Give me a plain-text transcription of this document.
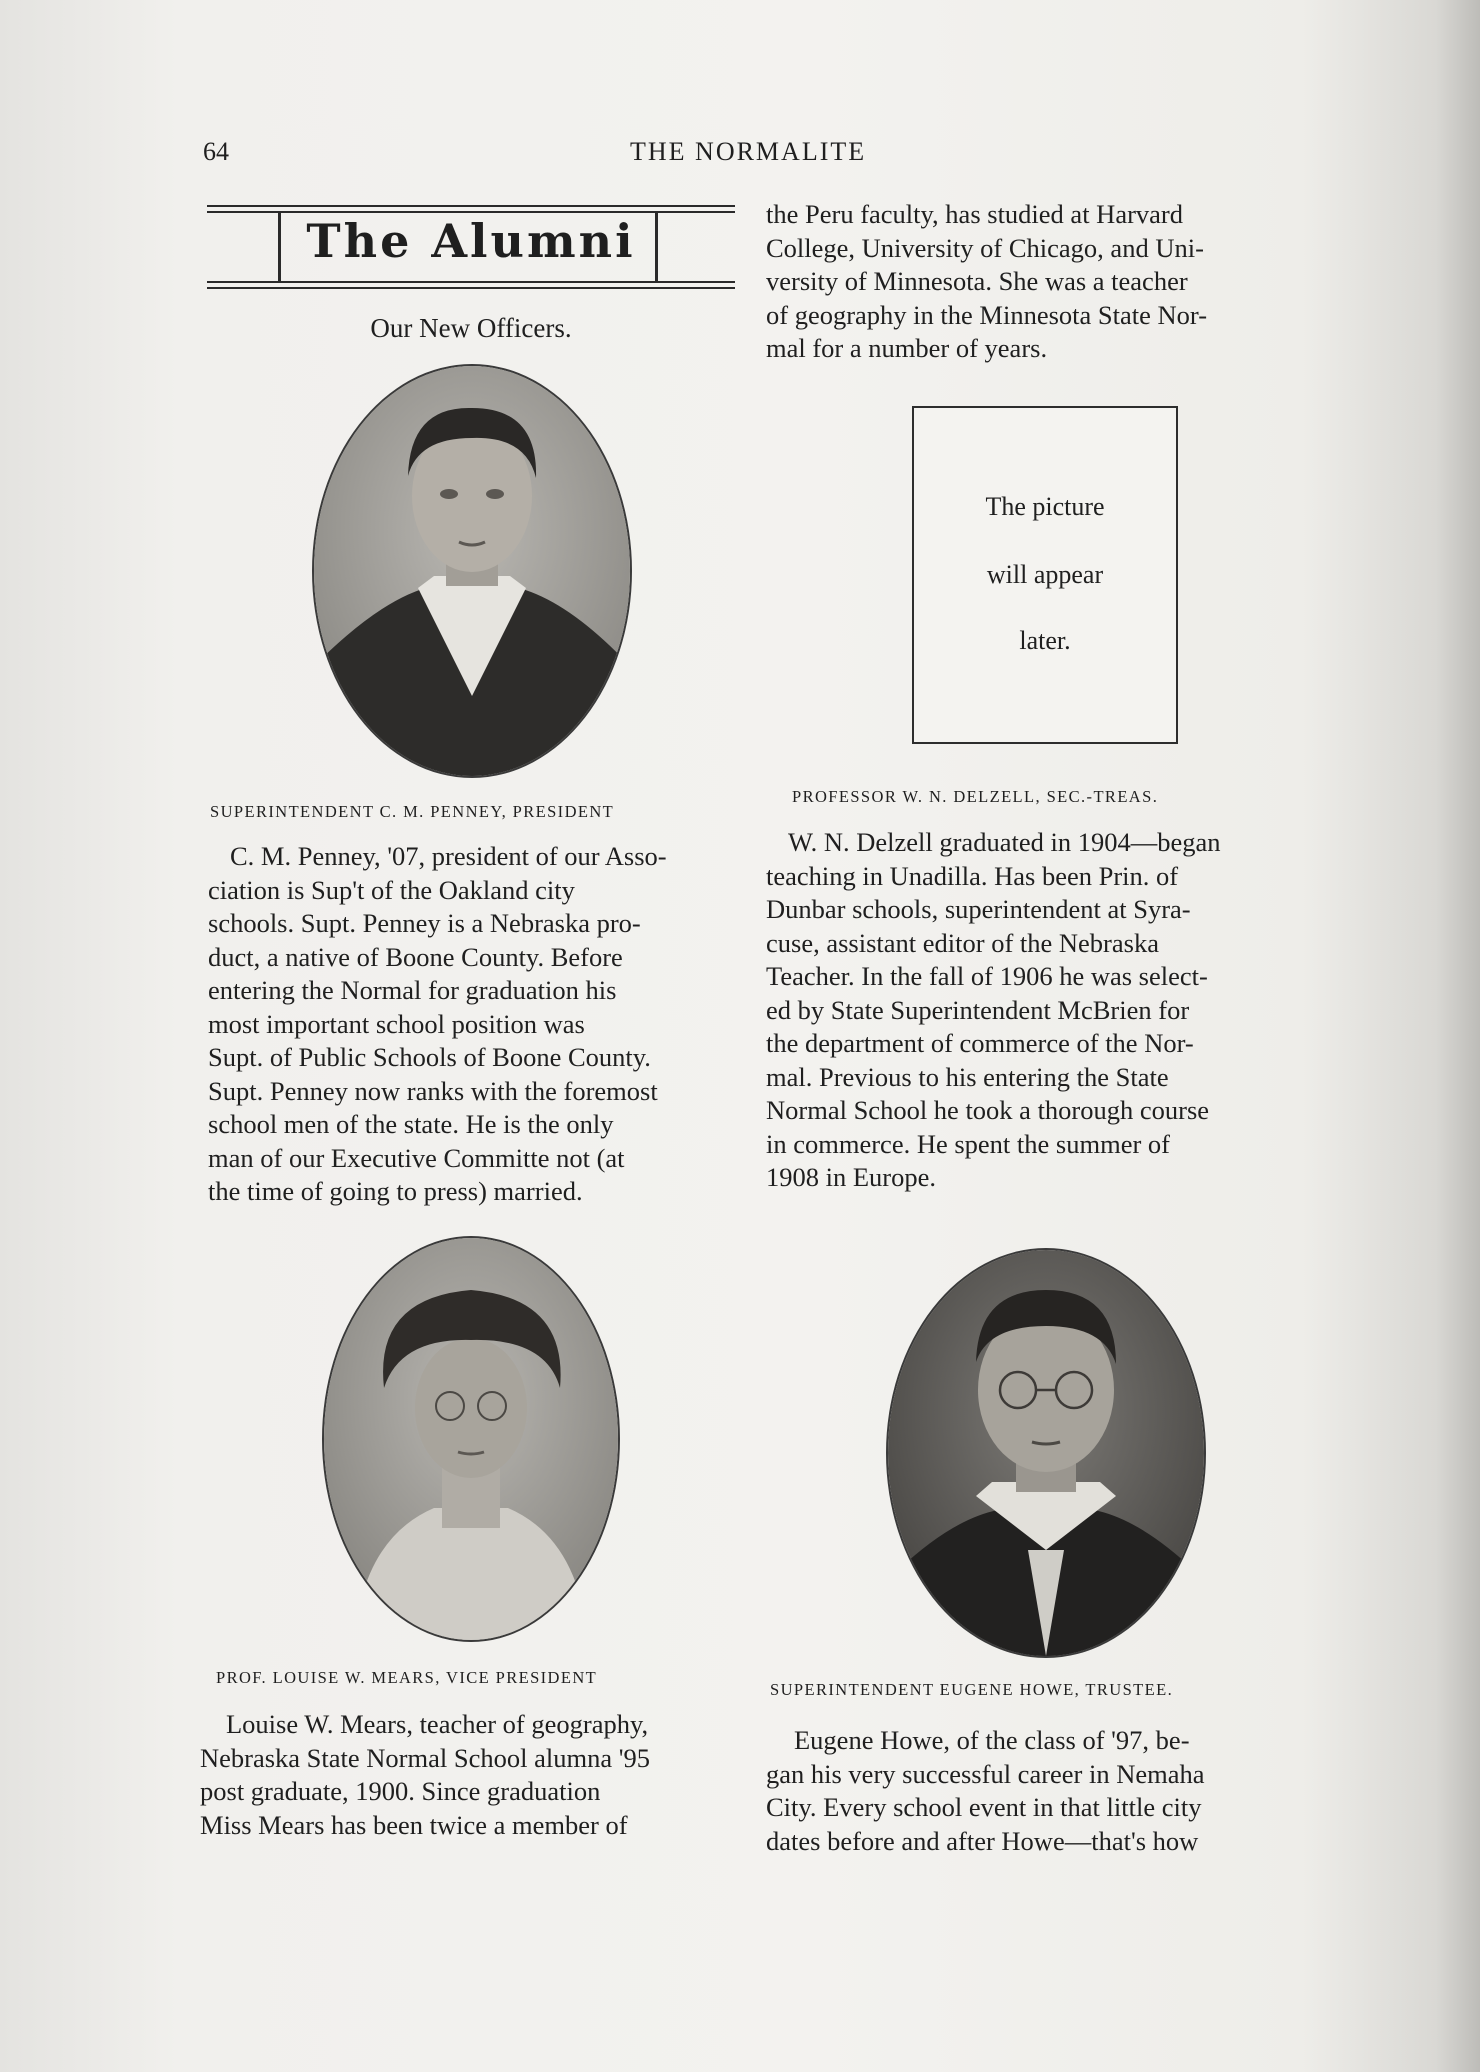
64	THE NORMALITE
The Alumni
Our New Officers.
the Peru faculty, has studied at Harvard
College, University of Chicago, and Uni-
versity of Minnesota. She was a teacher
of geography in the Minnesota State Nor-
mal for a number of years.
The picture
will appear
later.
SUPERINTENDENT C. M. PENNEY, PRESIDENT
C. M. Penney, '07, president of our Asso-
ciation is Sup't of the Oakland city
schools. Supt. Penney is a Nebraska pro-
duct, a native of Boone County. Before
entering the Normal for graduation his
most important school position was
Supt. of Public Schools of Boone County.
Supt. Penney now ranks with the foremost
school men of the state. He is the only
man of our Executive Committe not (at
the time of going to press) married.
PROFESSOR W. N. DELZELL, SEC.-TREAS.
W. N. Delzell graduated in 1904—began
teaching in Unadilla. Has been Prin. of
Dunbar schools, superintendent at Syra-
cuse, assistant editor of the Nebraska
Teacher. In the fall of 1906 he was select-
ed by State Superintendent McBrien for
the department of commerce of the Nor-
mal. Previous to his entering the State
Normal School he took a thorough course
in commerce. He spent the summer of
1908 in Europe.
PROF. LOUISE W. MEARS, VICE PRESIDENT
Louise W. Mears, teacher of geography,
Nebraska State Normal School alumna '95
post graduate, 1900. Since graduation
Miss Mears has been twice a member of
SUPERINTENDENT EUGENE HOWE, TRUSTEE.
Eugene Howe, of the class of '97, be-
gan his very successful career in Nemaha
City. Every school event in that little city
dates before and after Howe—that's how
